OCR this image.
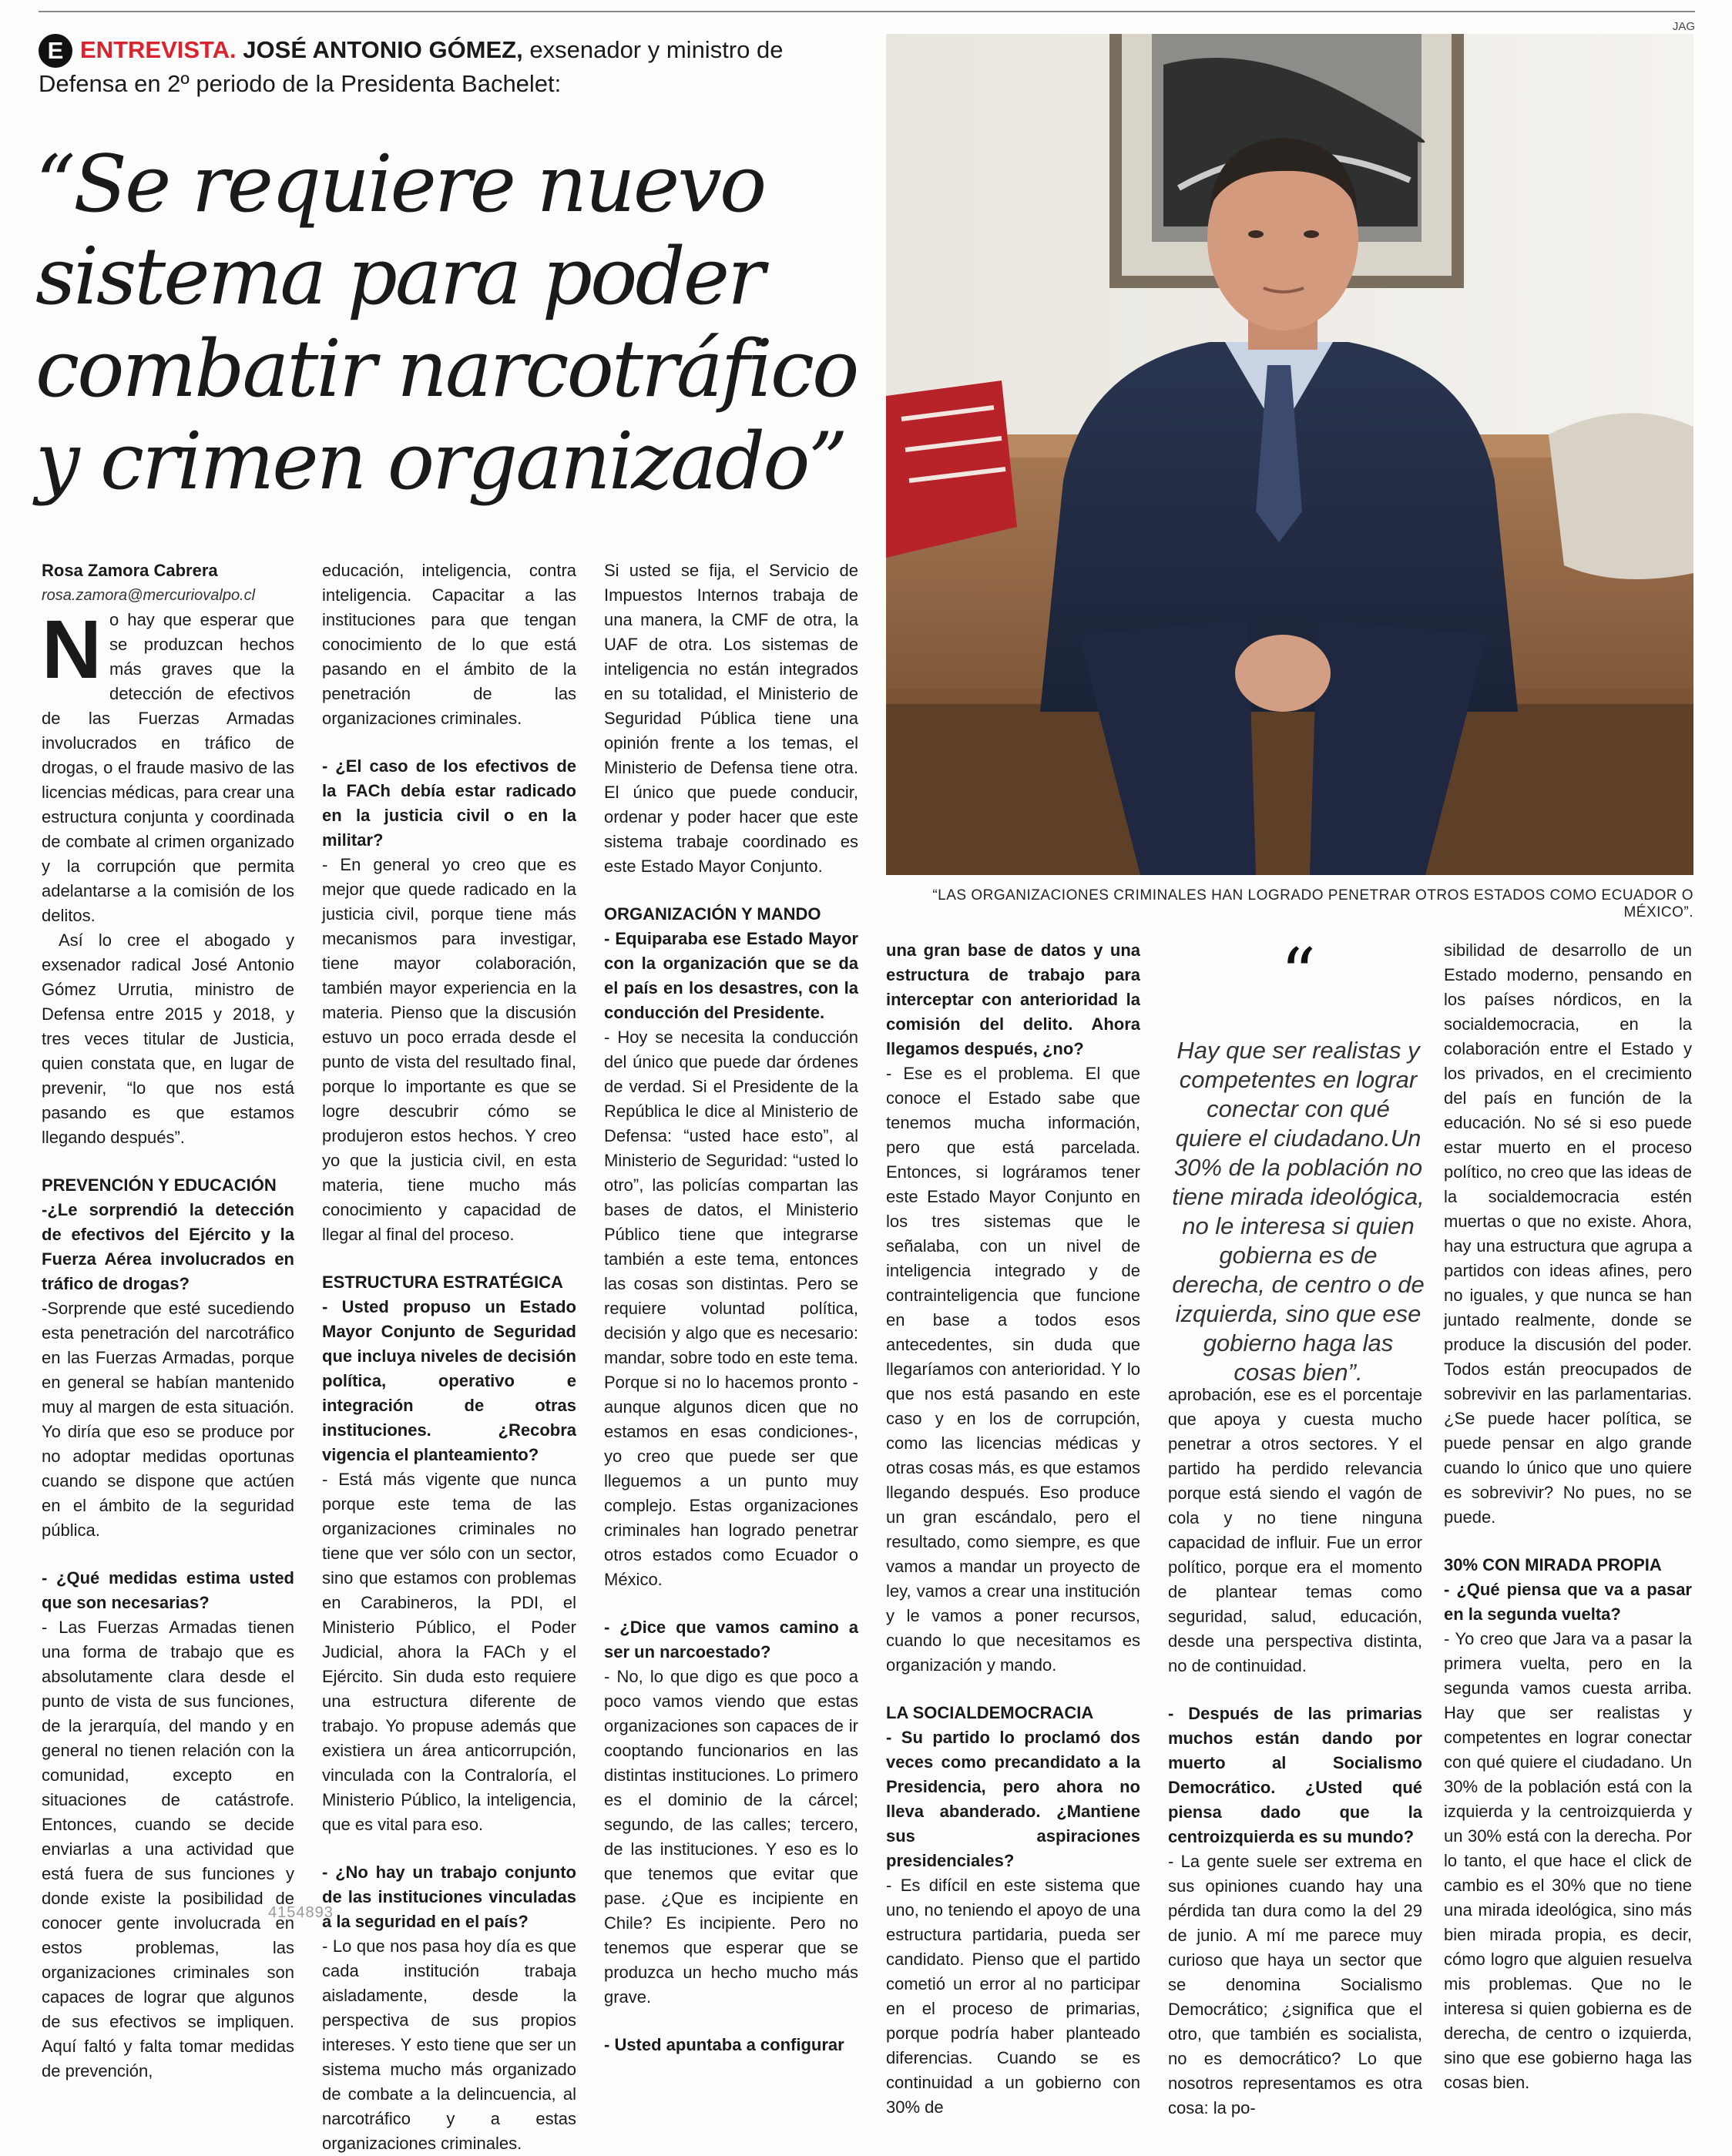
JAG
E ENTREVISTA. JOSÉ ANTONIO GÓMEZ, exsenador y ministro de Defensa en 2º periodo de la Presidenta Bachelet:
“Se requiere nuevo sistema para poder combatir narcotráfico y crimen organizado”
“LAS ORGANIZACIONES CRIMINALES HAN LOGRADO PENETRAR OTROS ESTADOS COMO ECUADOR O MÉXICO”.

Rosa Zamora Cabrera

rosa.zamora@mercuriovalpo.cl

No hay que esperar que se produzcan hechos más graves que la detección de efectivos de las Fuerzas Armadas involucrados en tráfico de drogas, o el fraude masivo de las licencias médicas, para crear una estructura conjunta y coordinada de combate al crimen organizado y la corrupción que permita adelantarse a la comisión de los delitos.

Así lo cree el abogado y exsenador radical José Antonio Gómez Urrutia, ministro de Defensa entre 2015 y 2018, y tres veces titular de Justicia, quien constata que, en lugar de prevenir, “lo que nos está pasando es que estamos llegando después”.

PREVENCIÓN Y EDUCACIÓN

-¿Le sorprendió la detección de efectivos del Ejército y la Fuerza Aérea involucrados en tráfico de drogas?

-Sorprende que esté sucediendo esta penetración del narcotráfico en las Fuerzas Armadas, porque en general se habían mantenido muy al margen de esta situación. Yo diría que eso se produce por no adoptar medidas oportunas cuando se dispone que actúen en el ámbito de la seguridad pública.

- ¿Qué medidas estima usted que son necesarias?

- Las Fuerzas Armadas tienen una forma de trabajo que es absolutamente clara desde el punto de vista de sus funciones, de la jerarquía, del mando y en general no tienen relación con la comunidad, excepto en situaciones de catástrofe. Entonces, cuando se decide enviarlas a una actividad que está fuera de sus funciones y donde existe la posibilidad de conocer gente involucrada en estos problemas, las organizaciones criminales son capaces de lograr que algunos de sus efectivos se impliquen. Aquí faltó y falta tomar medidas de prevención,

educación, inteligencia, contra inteligencia. Capacitar a las instituciones para que tengan conocimiento de lo que está pasando en el ámbito de la penetración de las organizaciones criminales.

- ¿El caso de los efectivos de la FACh debía estar radicado en la justicia civil o en la militar?

- En general yo creo que es mejor que quede radicado en la justicia civil, porque tiene más mecanismos para investigar, tiene mayor colaboración, también mayor experiencia en la materia. Pienso que la discusión estuvo un poco errada desde el punto de vista del resultado final, porque lo importante es que se logre descubrir cómo se produjeron estos hechos. Y creo yo que la justicia civil, en esta materia, tiene mucho más conocimiento y capacidad de llegar al final del proceso.

ESTRUCTURA ESTRATÉGICA

- Usted propuso un Estado Mayor Conjunto de Seguridad que incluya niveles de decisión política, operativo e integración de otras instituciones. ¿Recobra vigencia el planteamiento?

- Está más vigente que nunca porque este tema de las organizaciones criminales no tiene que ver sólo con un sector, sino que estamos con problemas en Carabineros, la PDI, el Ministerio Público, el Poder Judicial, ahora la FACh y el Ejército. Sin duda esto requiere una estructura diferente de trabajo. Yo propuse además que existiera un área anticorrupción, vinculada con la Contraloría, el Ministerio Público, la inteligencia, que es vital para eso.

- ¿No hay un trabajo conjunto de las instituciones vinculadas a la seguridad en el país?

- Lo que nos pasa hoy día es que cada institución trabaja aisladamente, desde la perspectiva de sus propios intereses. Y esto tiene que ser un sistema mucho más organizado de combate a la delincuencia, al narcotráfico y a estas organizaciones criminales.

Si usted se fija, el Servicio de Impuestos Internos trabaja de una manera, la CMF de otra, la UAF de otra. Los sistemas de inteligencia no están integrados en su totalidad, el Ministerio de Seguridad Pública tiene una opinión frente a los temas, el Ministerio de Defensa tiene otra. El único que puede conducir, ordenar y poder hacer que este sistema trabaje coordinado es este Estado Mayor Conjunto.

ORGANIZACIÓN Y MANDO

- Equiparaba ese Estado Mayor con la organización que se da el país en los desastres, con la conducción del Presidente.

- Hoy se necesita la conducción del único que puede dar órdenes de verdad. Si el Presidente de la República le dice al Ministerio de Defensa: “usted hace esto”, al Ministerio de Seguridad: “usted lo otro”, las policías compartan las bases de datos, el Ministerio Público tiene que integrarse también a este tema, entonces las cosas son distintas. Pero se requiere voluntad política, decisión y algo que es necesario: mandar, sobre todo en este tema. Porque si no lo hacemos pronto -aunque algunos dicen que no estamos en esas condiciones-, yo creo que puede ser que lleguemos a un punto muy complejo. Estas organizaciones criminales han logrado penetrar otros estados como Ecuador o México.

- ¿Dice que vamos camino a ser un narcoestado?

- No, lo que digo es que poco a poco vamos viendo que estas organizaciones son capaces de ir cooptando funcionarios en las distintas instituciones. Lo primero es el dominio de la cárcel; segundo, de las calles; tercero, de las instituciones. Y eso es lo que tenemos que evitar que pase. ¿Que es incipiente en Chile? Es incipiente. Pero no tenemos que esperar que se produzca un hecho mucho más grave.

- Usted apuntaba a configurar

una gran base de datos y una estructura de trabajo para interceptar con anterioridad la comisión del delito. Ahora llegamos después, ¿no?

- Ese es el problema. El que conoce el Estado sabe que tenemos mucha información, pero que está parcelada. Entonces, si lográramos tener este Estado Mayor Conjunto en los tres sistemas que le señalaba, con un nivel de inteligencia integrado y de contrainteligencia que funcione en base a todos esos antecedentes, sin duda que llegaríamos con anterioridad. Y lo que nos está pasando en este caso y en los de corrupción, como las licencias médicas y otras cosas más, es que estamos llegando después. Eso produce un gran escándalo, pero el resultado, como siempre, es que vamos a mandar un proyecto de ley, vamos a crear una institución y le vamos a poner recursos, cuando lo que necesitamos es organización y mando.

LA SOCIALDEMOCRACIA

- Su partido lo proclamó dos veces como precandidato a la Presidencia, pero ahora no lleva abanderado. ¿Mantiene sus aspiraciones presidenciales?

- Es difícil en este sistema que uno, no teniendo el apoyo de una estructura partidaria, pueda ser candidato. Pienso que el partido cometió un error al no participar en el proceso de primarias, porque podría haber planteado diferencias. Cuando se es continuidad a un gobierno con 30% de

“
Hay que ser realistas y competentes en lograr conectar con qué quiere el ciudadano.Un 30% de la población no tiene mirada ideológica, no le interesa si quien gobierna es de derecha, de centro o de izquierda, sino que ese gobierno haga las cosas bien”.

aprobación, ese es el porcentaje que apoya y cuesta mucho penetrar a otros sectores. Y el partido ha perdido relevancia porque está siendo el vagón de cola y no tiene ninguna capacidad de influir. Fue un error político, porque era el momento de plantear temas como seguridad, salud, educación, desde una perspectiva distinta, no de continuidad.

- Después de las primarias muchos están dando por muerto al Socialismo Democrático. ¿Usted qué piensa dado que la centroizquierda es su mundo?

- La gente suele ser extrema en sus opiniones cuando hay una pérdida tan dura como la del 29 de junio. A mí me parece muy curioso que haya un sector que se denomina Socialismo Democrático; ¿significa que el otro, que también es socialista, no es democrático? Lo que nosotros representamos es otra cosa: la po-

sibilidad de desarrollo de un Estado moderno, pensando en los países nórdicos, en la socialdemocracia, en la colaboración entre el Estado y los privados, en el crecimiento del país en función de la educación. No sé si eso puede estar muerto en el proceso político, no creo que las ideas de la socialdemocracia estén muertas o que no existe. Ahora, hay una estructura que agrupa a partidos con ideas afines, pero no iguales, y que nunca se han juntado realmente, donde se produce la discusión del poder. Todos están preocupados de sobrevivir en las parlamentarias. ¿Se puede hacer política, se puede pensar en algo grande cuando lo único que uno quiere es sobrevivir? No pues, no se puede.

30% CON MIRADA PROPIA

- ¿Qué piensa que va a pasar en la segunda vuelta?

- Yo creo que Jara va a pasar la primera vuelta, pero en la segunda vamos cuesta arriba. Hay que ser realistas y competentes en lograr conectar con qué quiere el ciudadano. Un 30% de la población está con la izquierda y la centroizquierda y un 30% está con la derecha. Por lo tanto, el que hace el click de cambio es el 30% que no tiene una mirada ideológica, sino más bien mirada propia, es decir, cómo logro que alguien resuelva mis problemas. Que no le interesa si quien gobierna es de derecha, de centro o izquierda, sino que ese gobierno haga las cosas bien.

4154893
